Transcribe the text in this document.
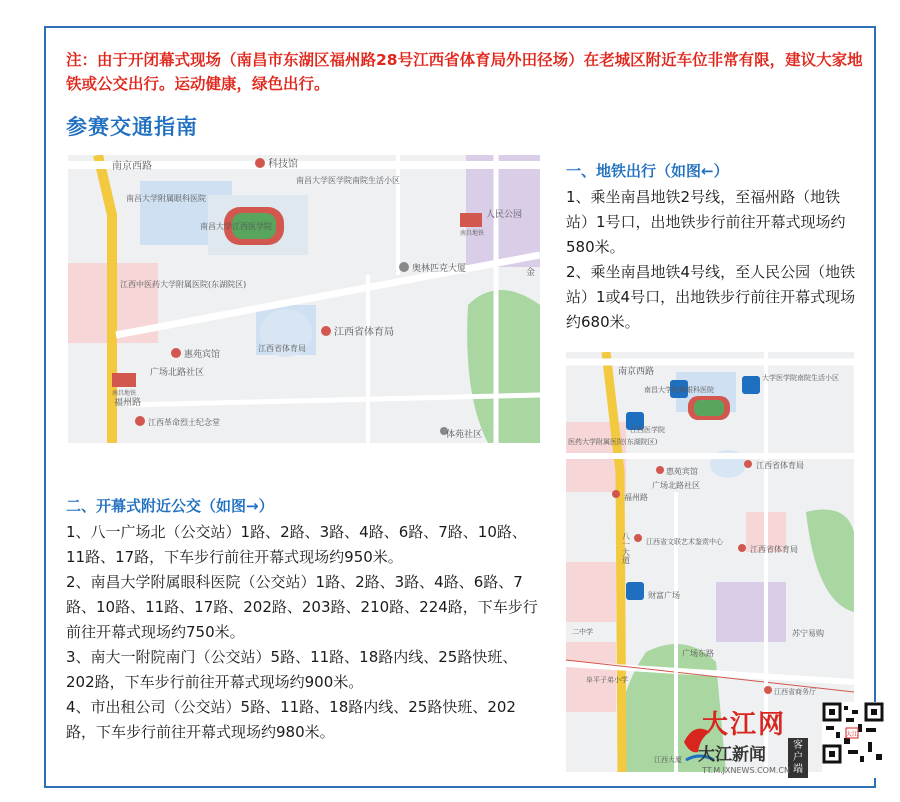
注：由于开闭幕式现场（南昌市东湖区福州路28号江西省体育局外田径场）在老城区附近车位非常有限，建议大家地铁或公交出行。运动健康，绿色出行。
参赛交通指南
南京西路	科技馆
南昌大学医学院南院生活小区
南昌大学附属眼科医院
南昌大学江西医学院
人民公园
江西中医药大学附属医院(东湖院区)
奥林匹克大厦	金
江西省体育局
江西省体育局
惠苑宾馆
广场北路社区
南昌地铁
福州路
江西革命烈士纪念堂
体苑社区
南昌地铁
一、地铁出行（如图←）
1、乘坐南昌地铁2号线，至福州路（地铁站）1号口，出地铁步行前往开幕式现场约580米。
2、乘坐南昌地铁4号线，至人民公园（地铁站）1或4号口，出地铁步行前往开幕式现场约680米。
南京西路
南昌大学附属眼科医院
大学医学院南院生活小区
江西医学院
医药大学附属医院(东湖院区)
惠苑宾馆
江西省体育局
广场北路社区
福州路
江西省文联艺术鉴赏中心
江西省体育局
八一大道
财富广场
苏宁易购
二中学
广场东路
江西省商务厅
阜平子弟小学
江西大厦
二、开幕式附近公交（如图→）
1、八一广场北（公交站）1路、2路、3路、4路、6路、7路、10路、11路、17路，下车步行前往开幕式现场约950米。
2、南昌大学附属眼科医院（公交站）1路、2路、3路、4路、6路、7路、10路、11路、17路、202路、203路、210路、224路，下车步行前往开幕式现场约750米。
3、南大一附院南门（公交站）5路、11路、18路内线、25路快班、202路，下车步行前往开幕式现场约900米。
4、市出租公司（公交站）5路、11路、18路内线、25路快班、202路，下车步行前往开幕式现场约980米。	大江网
大江新闻	客户端
TT.M.JXNEWS.COM.CN
大江
